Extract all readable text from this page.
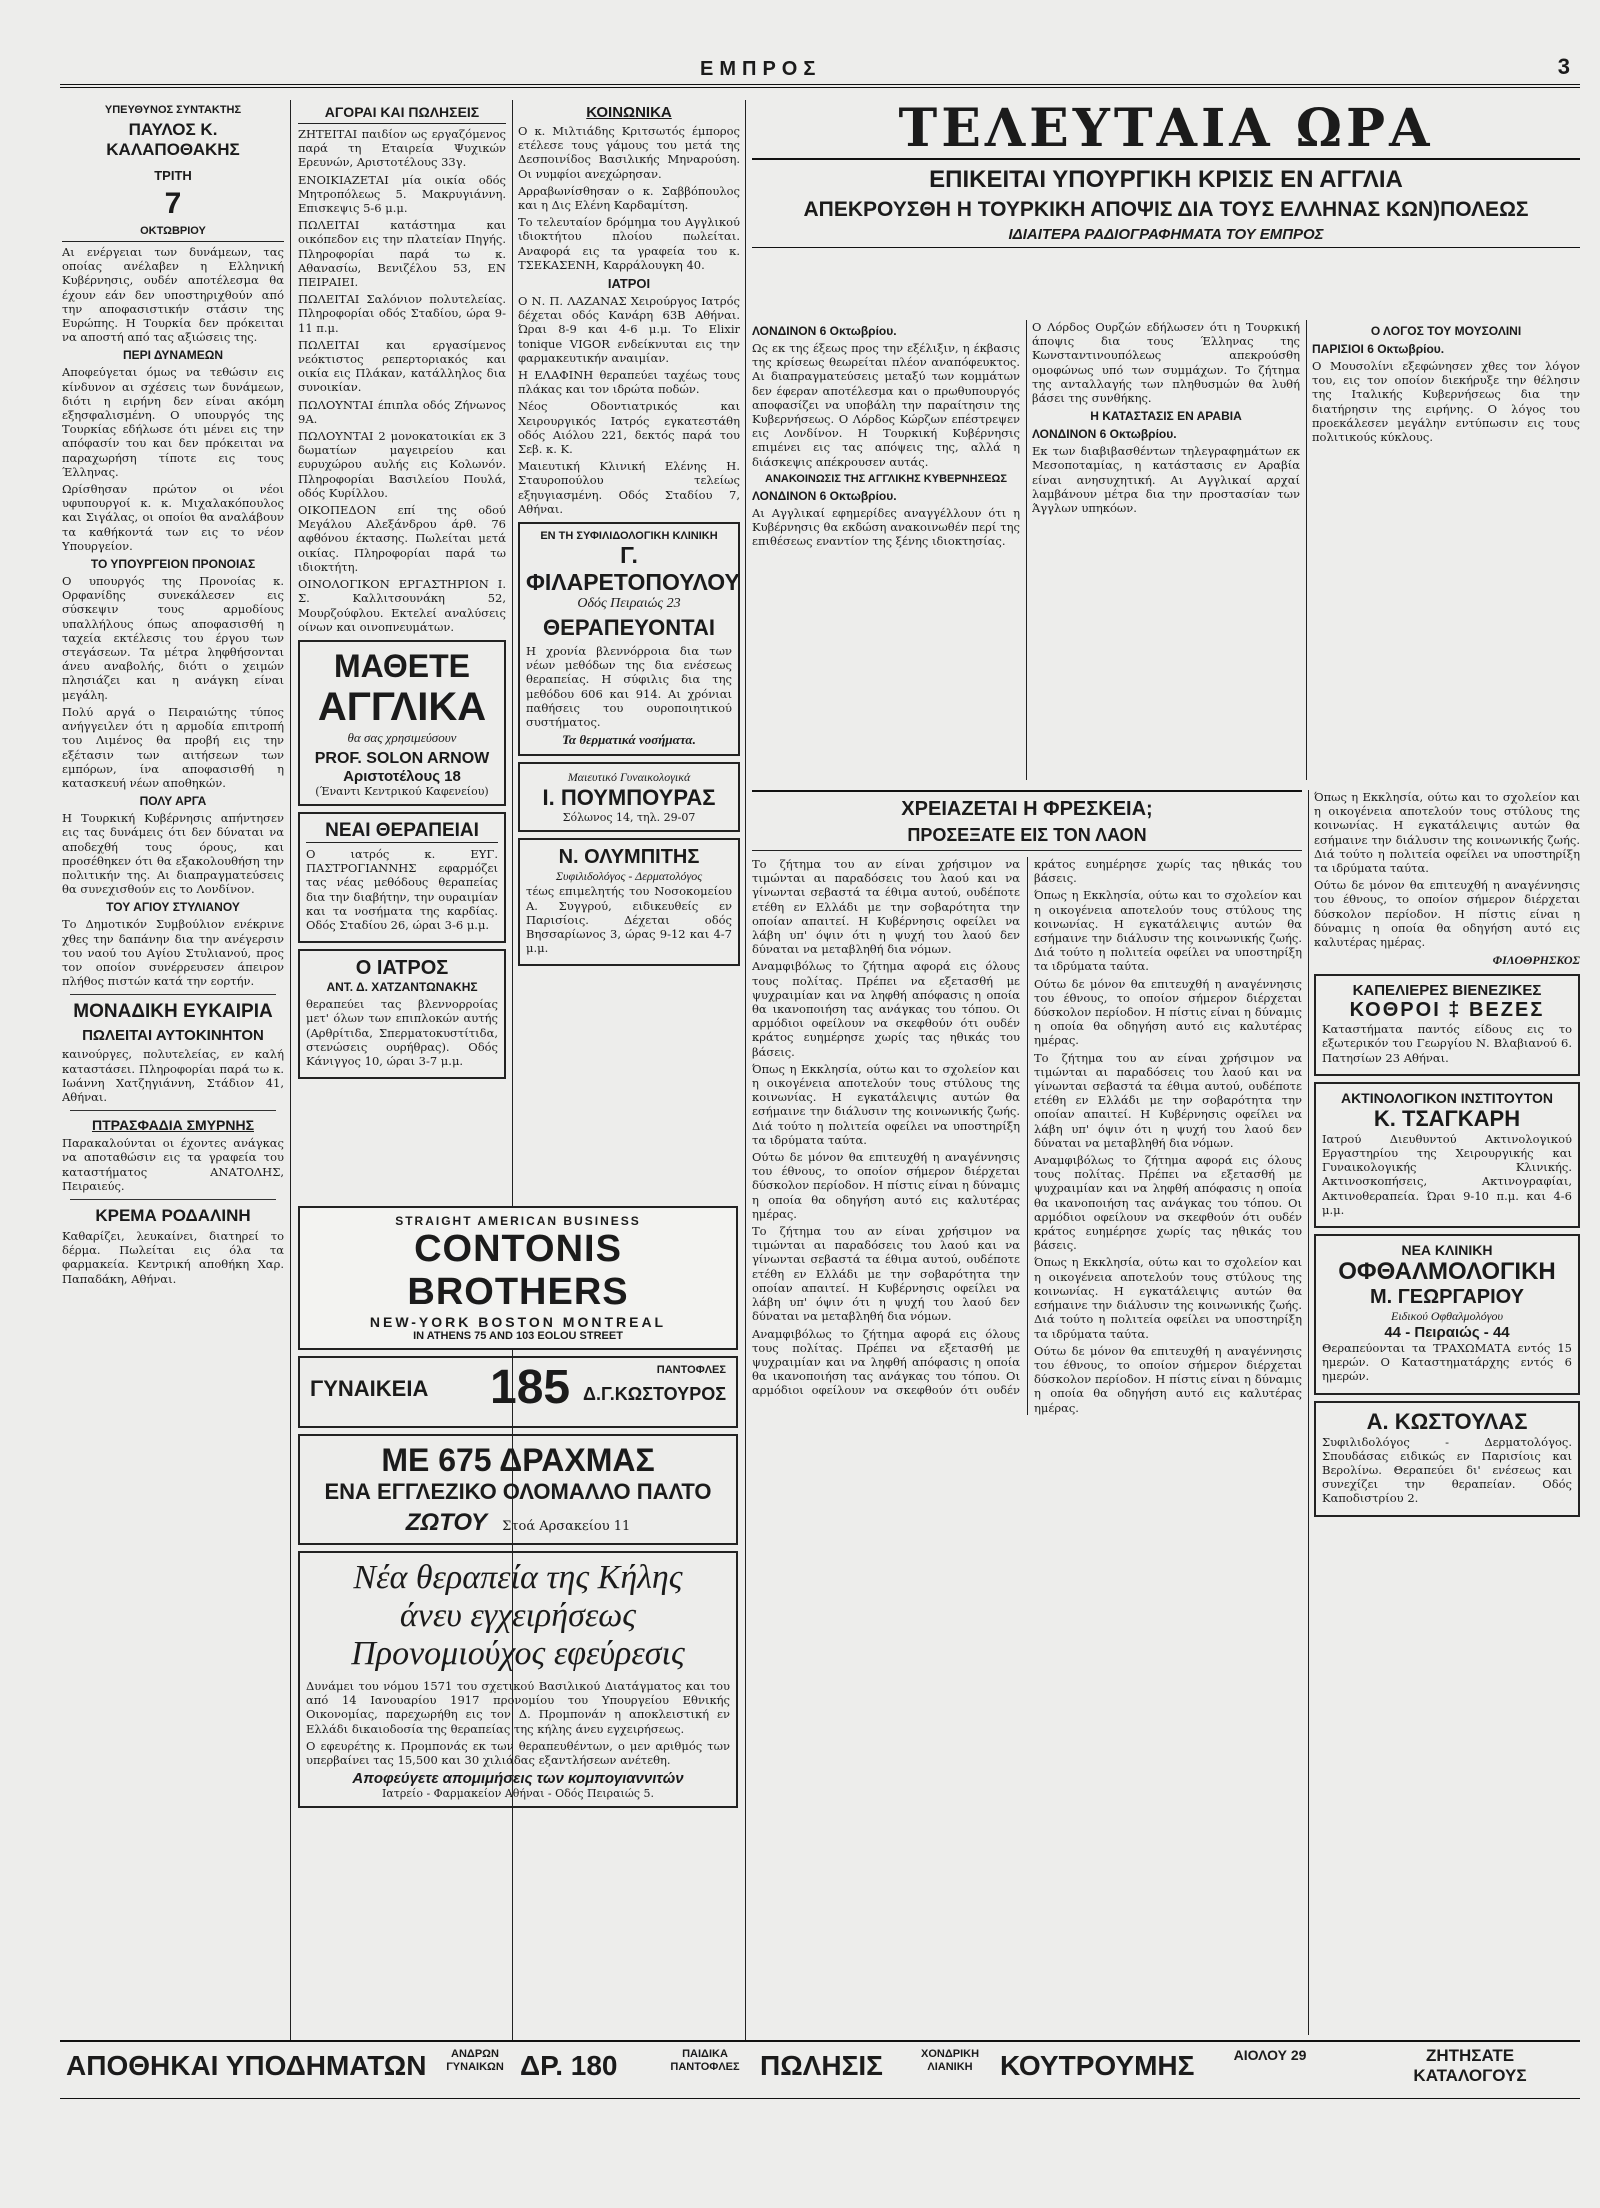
ΕΜΠΡΟΣ	3
ΥΠΕΥΘΥΝΟΣ ΣΥΝΤΑΚΤΗΣ
ΠΑΥΛΟΣ Κ. ΚΑΛΑΠΟΘΑΚΗΣ
ΤΡΙΤΗ
7
ΟΚΤΩΒΡΙΟΥ

Αι ενέργειαι των δυνάμεων, τας οποίας ανέλαβεν η Ελληνική Κυβέρνησις, ουδέν αποτέλεσμα θα έχουν εάν δεν υποστηριχθούν από την αποφασιστικήν στάσιν της Ευρώπης. Η Τουρκία δεν πρόκειται να αποστή από τας αξιώσεις της.

ΠΕΡΙ ΔΥΝΑΜΕΩΝ

Αποφεύγεται όμως να τεθώσιν εις κίνδυνον αι σχέσεις των δυνάμεων, διότι η ειρήνη δεν είναι ακόμη εξησφαλισμένη. Ο υπουργός της Τουρκίας εδήλωσε ότι μένει εις την απόφασίν του και δεν πρόκειται να παραχωρήση τίποτε εις τους Έλληνας.

Ωρίσθησαν πρώτον οι νέοι υφυπουργοί κ. κ. Μιχαλακόπουλος και Σιγάλας, οι οποίοι θα αναλάβουν τα καθήκοντά των εις το νέον Υπουργείον.

ΤΟ ΥΠΟΥΡΓΕΙΟΝ ΠΡΟΝΟΙΑΣ

Ο υπουργός της Προνοίας κ. Ορφανίδης συνεκάλεσεν εις σύσκεψιν τους αρμοδίους υπαλλήλους όπως αποφασισθή η ταχεία εκτέλεσις του έργου των στεγάσεων. Τα μέτρα ληφθήσονται άνευ αναβολής, διότι ο χειμών πλησιάζει και η ανάγκη είναι μεγάλη.

Πολύ αργά ο Πειραιώτης τύπος ανήγγειλεν ότι η αρμοδία επιτροπή του Λιμένος θα προβή εις την εξέτασιν των αιτήσεων των εμπόρων, ίνα αποφασισθή η κατασκευή νέων αποθηκών.

ΠΟΛΥ ΑΡΓΑ

Η Τουρκική Κυβέρνησις απήντησεν εις τας δυνάμεις ότι δεν δύναται να αποδεχθή τους όρους, και προσέθηκεν ότι θα εξακολουθήση την πολιτικήν της. Αι διαπραγματεύσεις θα συνεχισθούν εις το Λονδίνον.

ΤΟΥ ΑΓΙΟΥ ΣΤΥΛΙΑΝΟΥ

Το Δημοτικόν Συμβούλιον ενέκρινε χθες την δαπάνην δια την ανέγερσιν του ναού του Αγίου Στυλιανού, προς τον οποίον συνέρρευσεν άπειρον πλήθος πιστών κατά την εορτήν.

ΜΟΝΑΔΙΚΗ ΕΥΚΑΙΡΙΑ
ΠΩΛΕΙΤΑΙ ΑΥΤΟΚΙΝΗΤΟΝ

καινούργες, πολυτελείας, εν καλή καταστάσει. Πληροφορίαι παρά τω κ. Ιωάννη Χατζηγιάννη, Στάδιον 41, Αθήναι.

ΠΤΡΑΣΦΑΔΙΑ ΣΜΥΡΝΗΣ

Παρακαλούνται οι έχοντες ανάγκας να αποταθώσιν εις τα γραφεία του καταστήματος ΑΝΑΤΟΛΗΣ, Πειραιεύς.

ΚΡΕΜΑ ΡΟΔΑΛΙΝΗ

Καθαρίζει, λευκαίνει, διατηρεί το δέρμα. Πωλείται εις όλα τα φαρμακεία. Κεντρική αποθήκη Χαρ. Παπαδάκη, Αθήναι.

ΑΓΟΡΑΙ ΚΑΙ ΠΩΛΗΣΕΙΣ

ΖΗΤΕΙΤΑΙ παιδίον ως εργαζόμενος παρά τη Εταιρεία Ψυχικών Ερευνών, Αριστοτέλους 33γ.

ΕΝΟΙΚΙΑΖΕΤΑΙ μία οικία οδός Μητροπόλεως 5. Μακρυγιάννη. Επισκεψις 5-6 μ.μ.

ΠΩΛΕΙΤΑΙ κατάστημα και οικόπεδον εις την πλατείαν Πηγής. Πληροφορίαι παρά τω κ. Αθανασίω, Βενιζέλου 53, ΕΝ ΠΕΙΡΑΙΕΙ.

ΠΩΛΕΙΤΑΙ Σαλόνιον πολυτελείας. Πληροφορίαι οδός Σταδίου, ώρα 9-11 π.μ.

ΠΩΛΕΙΤΑΙ και εργασίμενος νεόκτιστος ρεπερτοριακός και οικία εις Πλάκαν, κατάλληλος δια συνοικίαν.

ΠΩΛΟΥΝΤΑΙ έπιπλα οδός Ζήνωνος 9Α.

ΠΩΛΟΥΝΤΑΙ 2 μονοκατοικίαι εκ 3 δωματίων μαγειρείου και ευρυχώρου αυλής εις Κολωνόν. Πληροφορίαι Βασιλείου Πουλά, οδός Κυρίλλου.

ΟΙΚΟΠΕΔΟΝ επί της οδού Μεγάλου Αλεξάνδρου άρθ. 76 αφθόνου έκτασης. Πωλείται μετά οικίας. Πληροφορίαι παρά τω ιδιοκτήτη.

ΟΙΝΟΛΟΓΙΚΟΝ ΕΡΓΑΣΤΗΡΙΟΝ I. Σ. Καλλιτσουνάκη 52, Μουρζούφλου. Εκτελεί αναλύσεις οίνων και οινοπνευμάτων.

ΜΑΘΕΤΕ
ΑΓΓΛΙΚΑ
θα σας χρησιμεύσουν
PROF. SOLON ARNOW
Αριστοτέλους 18
(Έναντι Κεντρικού Καφενείου)
ΝΕΑΙ ΘΕΡΑΠΕΙΑΙ

Ο ιατρός κ. ΕΥΓ. ΠΑΣΤΡΟΓΙΑΝΝΗΣ εφαρμόζει τας νέας μεθόδους θεραπείας δια την διαβήτην, την ουραιμίαν και τα νοσήματα της καρδίας. Οδός Σταδίου 26, ώραι 3-6 μ.μ.

Ο ΙΑΤΡΟΣ
ΑΝΤ. Δ. ΧΑΤΖΑΝΤΩΝΑΚΗΣ

θεραπεύει τας βλεννορροίας μετ' όλων των επιπλοκών αυτής (Αρθρίτιδα, Σπερματοκυστίτιδα, στενώσεις ουρήθρας). Οδός Κάνιγγος 10, ώραι 3-7 μ.μ.

ΚΟΙΝΩΝΙΚΑ

Ο κ. Μιλτιάδης Κριτσωτός έμπορος ετέλεσε τους γάμους του μετά της Δεσποινίδος Βασιλικής Μηναρούση. Οι νυμφίοι ανεχώρησαν.

Αρραβωνίσθησαν ο κ. Σαββόπουλος και η Δις Ελένη Καρδαμίτση.

Το τελευταίον δρόμημα του Αγγλικού ιδιοκτήτου πλοίου πωλείται. Αναφορά εις τα γραφεία του κ. ΤΣΕΚΑΣΕΝΗ, Καρράλουγκη 40.

ΙΑΤΡΟΙ

Ο Ν. Π. ΛΑΖΑΝΑΣ Χειρούργος Ιατρός δέχεται οδός Κανάρη 63Β Αθήναι. Ώραι 8-9 και 4-6 μ.μ. Το Elixir tonique VIGOR ενδείκνυται εις την φαρμακευτικήν αναιμίαν.

Η ΕΛΑΦΙΝΗ θεραπεύει ταχέως τους πλάκας και τον ιδρώτα ποδών.

Νέος Οδοντιατρικός και Χειρουργικός Ιατρός εγκατεστάθη οδός Αιόλου 221, δεκτός παρά του Σεβ. κ. Κ.

Μαιευτική Κλινική Ελένης Η. Σταυροπούλου τελείως εξηυγιασμένη. Οδός Σταδίου 7, Αθήναι.

ΕΝ ΤΗ ΣΥΦΙΛΙΔΟΛΟΓΙΚΗ ΚΛΙΝΙΚΗ
Γ. ΦΙΛΑΡΕΤΟΠΟΥΛΟΥ
Οδός Πειραιώς 23
ΘΕΡΑΠΕΥΟΝΤΑΙ

Η χρονία βλεννόρροια δια των νέων μεθόδων της δια ενέσεως θεραπείας. Η σύφιλις δια της μεθόδου 606 και 914. Αι χρόνιαι παθήσεις του ουροποιητικού συστήματος.

Τα θερματικά νοσήματα.
Μαιευτικό Γυναικολογικά
Ι. ΠΟΥΜΠΟΥΡΑΣ
Σόλωνος 14, τηλ. 29-07
Ν. ΟΛΥΜΠΙΤΗΣ
Συφιλιδολόγος - Δερματολόγος

τέως επιμελητής του Νοσοκομείου Α. Συγγρού, ειδικευθείς εν Παρισίοις. Δέχεται οδός Βησσαρίωνος 3, ώρας 9-12 και 4-7 μ.μ.

STRAIGHT AMERICAN BUSINESS
CONTONIS BROTHERS
NEW-YORK BOSTON MONTREAL
IN ATHENS 75 AND 103 EOLOU STREET
ΓΥΝΑΙΚΕΙΑ 185	ΠΑΝΤΟΦΛΕΣ
Δ.Γ.ΚΩΣΤΟΥΡΟΣ
ΜΕ 675 ΔΡΑΧΜΑΣ
ΕΝΑ ΕΓΓΛΕΖΙΚΟ ΟΛΟΜΑΛΛΟ ΠΑΛΤΟ
ΖΩΤΟΥ Στοά Αρσακείου 11
Νέα θεραπεία της Κήλης
άνευ εγχειρήσεως
Προνομιούχος εφεύρεσις

Δυνάμει του νόμου 1571 του σχετικού Βασιλικού Διατάγματος και του από 14 Ιανουαρίου 1917 προνομίου του Υπουργείου Εθνικής Οικονομίας, παρεχωρήθη εις τον Δ. Προμπονάν η αποκλειστική εν Ελλάδι δικαιοδοσία της θεραπείας της κήλης άνευ εγχειρήσεως.

Ο εφευρέτης κ. Προμπονάς εκ των θεραπευθέντων, ο μεν αριθμός των υπερβαίνει τας 15,500 και 30 χιλιάδας εξαντλήσεων ανέτεθη.

Αποφεύγετε απομιμήσεις των κομπογιαννιτών
Ιατρείο - Φαρμακείον Αθήναι - Οδός Πειραιώς 5.
ΤΕΛΕΥΤΑΙΑ ΩΡΑ
ΕΠΙΚΕΙΤΑΙ ΥΠΟΥΡΓΙΚΗ ΚΡΙΣΙΣ ΕΝ ΑΓΓΛΙΑ
ΑΠΕΚΡΟΥΣΘΗ Η ΤΟΥΡΚΙΚΗ ΑΠΟΨΙΣ ΔΙΑ ΤΟΥΣ ΕΛΛΗΝΑΣ ΚΩΝ)ΠΟΛΕΩΣ
ΙΔΙΑΙΤΕΡΑ ΡΑΔΙΟΓΡΑΦΗΜΑΤΑ ΤΟΥ ΕΜΠΡΟΣ
ΛΟΝΔΙΝΟΝ 6 Οκτωβρίου.

Ως εκ της έξεως προς την εξέλιξιν, η έκβασις της κρίσεως θεωρείται πλέον αναπόφευκτος. Αι διαπραγματεύσεις μεταξύ των κομμάτων δεν έφεραν αποτέλεσμα και ο πρωθυπουργός αποφασίζει να υποβάλη την παραίτησιν της Κυβερνήσεως. Ο Λόρδος Κώρζων επέστρεψεν εις Λονδίνον. Η Τουρκική Κυβέρνησις επιμένει εις τας απόψεις της, αλλά η διάσκεψις απέκρουσεν αυτάς.

ΑΝΑΚΟΙΝΩΣΙΣ ΤΗΣ ΑΓΓΛΙΚΗΣ ΚΥΒΕΡΝΗΣΕΩΣ
ΛΟΝΔΙΝΟΝ 6 Οκτωβρίου.

Αι Αγγλικαί εφημερίδες αναγγέλλουν ότι η Κυβέρνησις θα εκδώση ανακοινωθέν περί της επιθέσεως εναντίον της ξένης ιδιοκτησίας.

Ο Λόρδος Ουρζών εδήλωσεν ότι η Τουρκική άποψις δια τους Έλληνας της Κωνσταντινουπόλεως απεκρούσθη ομοφώνως υπό των συμμάχων. Το ζήτημα της ανταλλαγής των πληθυσμών θα λυθή βάσει της συνθήκης.

Η ΚΑΤΑΣΤΑΣΙΣ ΕΝ ΑΡΑΒΙΑ
ΛΟΝΔΙΝΟΝ 6 Οκτωβρίου.

Εκ των διαβιβασθέντων τηλεγραφημάτων εκ Μεσοποταμίας, η κατάστασις εν Αραβία είναι ανησυχητική. Αι Αγγλικαί αρχαί λαμβάνουν μέτρα δια την προστασίαν των Άγγλων υπηκόων.

Ο ΛΟΓΟΣ ΤΟΥ ΜΟΥΣΟΛΙΝΙ
ΠΑΡΙΣΙΟΙ 6 Οκτωβρίου.

Ο Μουσολίνι εξεφώνησεν χθες τον λόγον του, εις τον οποίον διεκήρυξε την θέλησιν της Ιταλικής Κυβερνήσεως δια την διατήρησιν της ειρήνης. Ο λόγος του προεκάλεσεν μεγάλην εντύπωσιν εις τους πολιτικούς κύκλους.

ΧΡΕΙΑΖΕΤΑΙ Η ΦΡΕΣΚΕΙΑ;
ΠΡΟΣΕΞΑΤΕ ΕΙΣ ΤΟΝ ΛΑΟΝ

Το ζήτημα του αν είναι χρήσιμον να τιμώνται αι παραδόσεις του λαού και να γίνωνται σεβαστά τα έθιμα αυτού, ουδέποτε ετέθη εν Ελλάδι με την σοβαρότητα την οποίαν απαιτεί. Η Κυβέρνησις οφείλει να λάβη υπ' όψιν ότι η ψυχή του λαού δεν δύναται να μεταβληθή δια νόμων.

Αναμφιβόλως το ζήτημα αφορά εις όλους τους πολίτας. Πρέπει να εξετασθή με ψυχραιμίαν και να ληφθή απόφασις η οποία θα ικανοποιήση τας ανάγκας του τόπου. Οι αρμόδιοι οφείλουν να σκεφθούν ότι ουδέν κράτος ευημέρησε χωρίς τας ηθικάς του βάσεις.

Όπως η Εκκλησία, ούτω και το σχολείον και η οικογένεια αποτελούν τους στύλους της κοινωνίας. Η εγκατάλειψις αυτών θα εσήμαινε την διάλυσιν της κοινωνικής ζωής. Διά τούτο η πολιτεία οφείλει να υποστηρίξη τα ιδρύματα ταύτα.

Ούτω δε μόνον θα επιτευχθή η αναγέννησις του έθνους, το οποίον σήμερον διέρχεται δύσκολον περίοδον. Η πίστις είναι η δύναμις η οποία θα οδηγήση αυτό εις καλυτέρας ημέρας.

Το ζήτημα του αν είναι χρήσιμον να τιμώνται αι παραδόσεις του λαού και να γίνωνται σεβαστά τα έθιμα αυτού, ουδέποτε ετέθη εν Ελλάδι με την σοβαρότητα την οποίαν απαιτεί. Η Κυβέρνησις οφείλει να λάβη υπ' όψιν ότι η ψυχή του λαού δεν δύναται να μεταβληθή δια νόμων.

Αναμφιβόλως το ζήτημα αφορά εις όλους τους πολίτας. Πρέπει να εξετασθή με ψυχραιμίαν και να ληφθή απόφασις η οποία θα ικανοποιήση τας ανάγκας του τόπου. Οι αρμόδιοι οφείλουν να σκεφθούν ότι ουδέν κράτος ευημέρησε χωρίς τας ηθικάς του βάσεις.

Όπως η Εκκλησία, ούτω και το σχολείον και η οικογένεια αποτελούν τους στύλους της κοινωνίας. Η εγκατάλειψις αυτών θα εσήμαινε την διάλυσιν της κοινωνικής ζωής. Διά τούτο η πολιτεία οφείλει να υποστηρίξη τα ιδρύματα ταύτα.

Ούτω δε μόνον θα επιτευχθή η αναγέννησις του έθνους, το οποίον σήμερον διέρχεται δύσκολον περίοδον. Η πίστις είναι η δύναμις η οποία θα οδηγήση αυτό εις καλυτέρας ημέρας.

Το ζήτημα του αν είναι χρήσιμον να τιμώνται αι παραδόσεις του λαού και να γίνωνται σεβαστά τα έθιμα αυτού, ουδέποτε ετέθη εν Ελλάδι με την σοβαρότητα την οποίαν απαιτεί. Η Κυβέρνησις οφείλει να λάβη υπ' όψιν ότι η ψυχή του λαού δεν δύναται να μεταβληθή δια νόμων.

Αναμφιβόλως το ζήτημα αφορά εις όλους τους πολίτας. Πρέπει να εξετασθή με ψυχραιμίαν και να ληφθή απόφασις η οποία θα ικανοποιήση τας ανάγκας του τόπου. Οι αρμόδιοι οφείλουν να σκεφθούν ότι ουδέν κράτος ευημέρησε χωρίς τας ηθικάς του βάσεις.

Όπως η Εκκλησία, ούτω και το σχολείον και η οικογένεια αποτελούν τους στύλους της κοινωνίας. Η εγκατάλειψις αυτών θα εσήμαινε την διάλυσιν της κοινωνικής ζωής. Διά τούτο η πολιτεία οφείλει να υποστηρίξη τα ιδρύματα ταύτα.

Ούτω δε μόνον θα επιτευχθή η αναγέννησις του έθνους, το οποίον σήμερον διέρχεται δύσκολον περίοδον. Η πίστις είναι η δύναμις η οποία θα οδηγήση αυτό εις καλυτέρας ημέρας.

Όπως η Εκκλησία, ούτω και το σχολείον και η οικογένεια αποτελούν τους στύλους της κοινωνίας. Η εγκατάλειψις αυτών θα εσήμαινε την διάλυσιν της κοινωνικής ζωής. Διά τούτο η πολιτεία οφείλει να υποστηρίξη τα ιδρύματα ταύτα.

Ούτω δε μόνον θα επιτευχθή η αναγέννησις του έθνους, το οποίον σήμερον διέρχεται δύσκολον περίοδον. Η πίστις είναι η δύναμις η οποία θα οδηγήση αυτό εις καλυτέρας ημέρας.

ΦΙΛΟΘΡΗΣΚΟΣ
ΚΑΠΕΛΙΕΡΕΣ ΒΙΕΝΕΖΙΚΕΣ
ΚΟΘΡΟΙ ‡ ΒΕΖΕΣ

Καταστήματα παντός είδους εις το εξωτερικόν του Γεωργίου Ν. Βλαβιανού 6. Πατησίων 23 Αθήναι.

ΑΚΤΙΝΟΛΟΓΙΚΟΝ ΙΝΣΤΙΤΟΥΤΟΝ
Κ. ΤΣΑΓΚΑΡΗ

Ιατρού Διευθυντού Ακτινολογικού Εργαστηρίου της Χειρουργικής και Γυναικολογικής Κλινικής. Ακτινοσκοπήσεις, Ακτινογραφίαι, Ακτινοθεραπεία. Ώραι 9-10 π.μ. και 4-6 μ.μ.

ΝΕΑ ΚΛΙΝΙΚΗ
ΟΦΘΑΛΜΟΛΟΓΙΚΗ
Μ. ΓΕΩΡΓΑΡΙΟΥ
Ειδικού Οφθαλμολόγου
44 - Πειραιώς - 44

Θεραπεύονται τα ΤΡΑΧΩΜΑΤΑ εντός 15 ημερών. Ο Καταστηματάρχης εντός 6 ημερών.

Α. ΚΩΣΤΟΥΛΑΣ

Συφιλιδολόγος - Δερματολόγος. Σπουδάσας ειδικώς εν Παρισίοις και Βερολίνω. Θεραπεύει δι' ενέσεως και συνεχίζει την θεραπείαν. Οδός Καποδιστρίου 2.

ΑΠΟΘΗΚΑΙ ΥΠΟΔΗΜΑΤΩΝ	ΑΝΔΡΩΝ ΓΥΝΑΙΚΩΝ ΔΡ. 180	ΠΑΙΔΙΚΑ ΠΑΝΤΟΦΛΕΣ ΠΩΛΗΣΙΣ	ΧΟΝΔΡΙΚΗ ΛΙΑΝΙΚΗ ΚΟΥΤΡΟΥΜΗΣ	ΑΙΟΛΟΥ 29	ΖΗΤΗΣΑΤΕ ΚΑΤΑΛΟΓΟΥΣ
